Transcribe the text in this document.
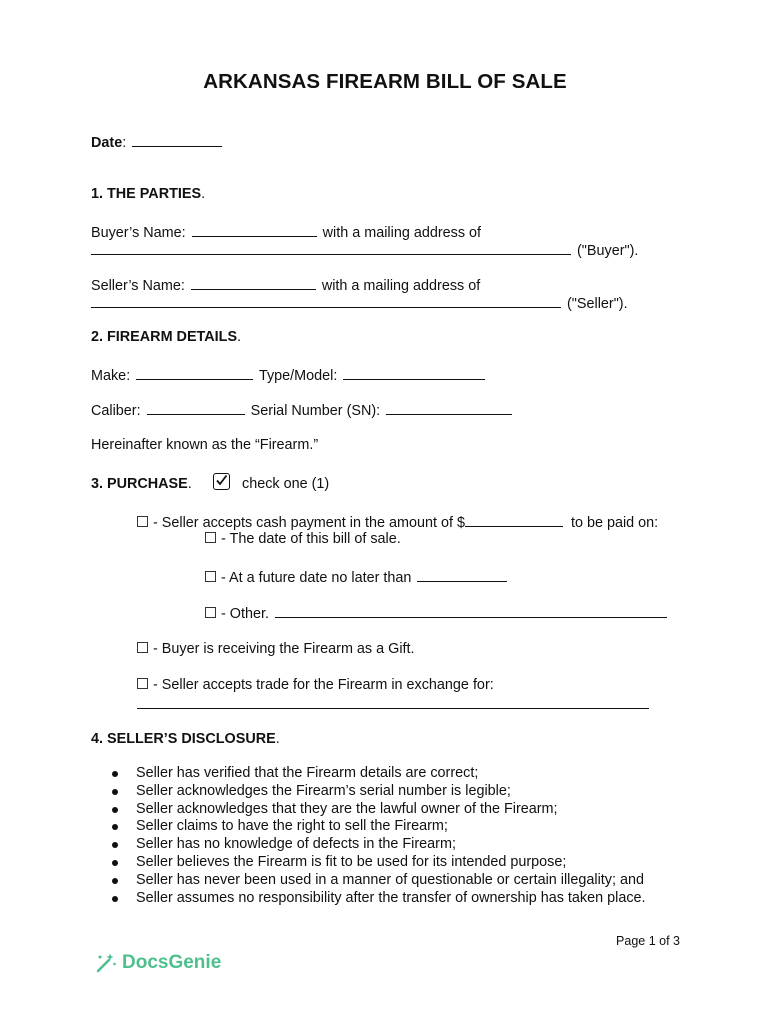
ARKANSAS FIREARM BILL OF SALE
Date:
1. THE PARTIES.
Buyer’s Name:	with a mailing address of
("Buyer").
Seller’s Name:	with a mailing address of
("Seller").
2. FIREARM DETAILS.
Make:	Type/Model:
Caliber:	Serial Number (SN):
Hereinafter known as the “Firearm.”
3. PURCHASE.	check one (1)
- Seller accepts cash payment in the amount of $	to be paid on:
- The date of this bill of sale.
- At a future date no later than
- Other.
- Buyer is receiving the Firearm as a Gift.
- Seller accepts trade for the Firearm in exchange for:
4. SELLER’S DISCLOSURE.
Seller has verified that the Firearm details are correct;
Seller acknowledges the Firearm’s serial number is legible;
Seller acknowledges that they are the lawful owner of the Firearm;
Seller claims to have the right to sell the Firearm;
Seller has no knowledge of defects in the Firearm;
Seller believes the Firearm is fit to be used for its intended purpose;
Seller has never been used in a manner of questionable or certain illegality; and
Seller assumes no responsibility after the transfer of ownership has taken place.
Page 1 of 3
DocsGenie
